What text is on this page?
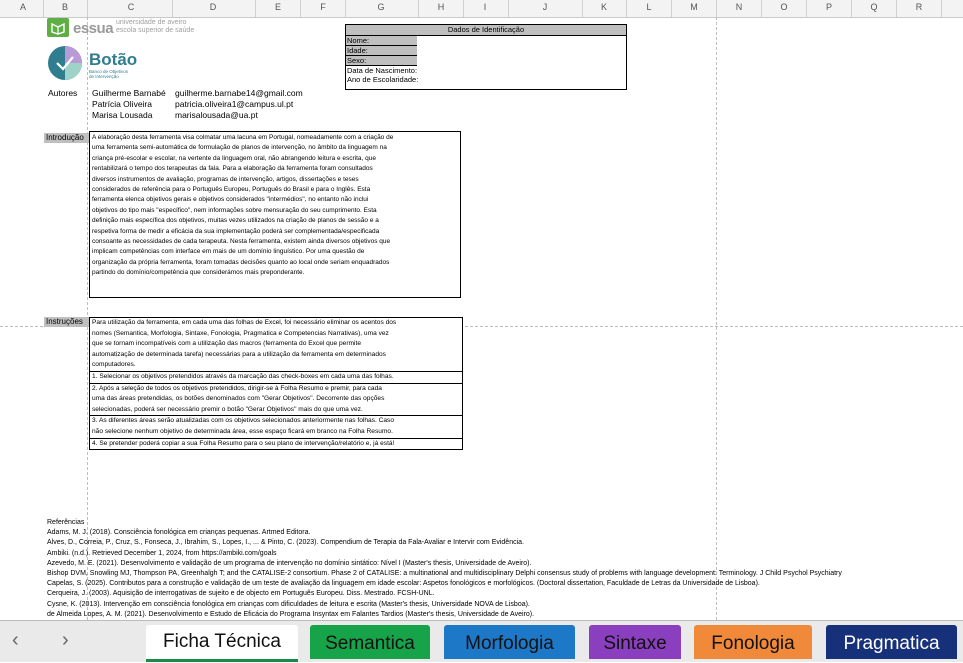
A	B	C	D	E	F	G	H	I	J	K	L	M	N	O	P	Q	R
essua universidade de aveiro
escola superior de saúde
Botão
Banco de Objetivos de Intervenção
Autores Guilherme Barnabé guilherme.barnabe14@gmail.com
Patrícia Oliveira	patricia.oliveira1@campus.ul.pt
Marisa Lousada	marisalousada@ua.pt
Dados de Identificação
Nome:
Idade:
Sexo:
Data de Nascimento:
Ano de Escolaridade:
Introdução	A elaboração desta ferramenta visa colmatar uma lacuna em Portugal, nomeadamente com a criação de
uma ferramenta semi-automática de formulação de planos de intervenção, no âmbito da linguagem na
criança pré-escolar e escolar, na vertente da linguagem oral, não abrangendo leitura e escrita, que
rentabilizará o tempo dos terapeutas da fala. Para a elaboração da ferramenta foram consultados
diversos instrumentos de avaliação, programas de intervenção, artigos, dissertações e teses
considerados de referência para o Português Europeu, Português do Brasil e para o Inglês. Esta
ferramenta elenca objetivos gerais e objetivos considerados "intermédios", no entanto não inclui
objetivos do tipo mais "específico", nem informações sobre mensuração do seu cumprimento. Esta
definição mais específica dos objetivos, muitas vezes utilizados na criação de planos de sessão e a
respetiva forma de medir a eficácia da sua implementação poderá ser complementada/especificada
consoante as necessidades de cada terapeuta. Nesta ferramenta, existem ainda diversos objetivos que
implicam competências com interface em mais de um domínio linguístico. Por uma questão de
organização da própria ferramenta, foram tomadas decisões quanto ao local onde seriam enquadrados
partindo do domínio/competência que considerámos mais preponderante.
Instruções	Para utilização da ferramenta, em cada uma das folhas de Excel, foi necessário eliminar os acentos dos
nomes (Semantica, Morfologia, Sintaxe, Fonologia, Pragmatica e Competencias Narrativas), uma vez
que se tornam incompatíveis com a utilização das macros (ferramenta do Excel que permite
automatização de determinada tarefa) necessárias para a utilização da ferramenta em determinados
computadores.
1. Selecionar os objetivos pretendidos através da marcação das check-boxes em cada uma das folhas.
2. Após a seleção de todos os objetivos pretendidos, dirigir-se à Folha Resumo e premir, para cada
uma das áreas pretendidas, os botões denominados com "Gerar Objetivos". Decorrente das opções
selecionadas, poderá ser necessário premir o botão "Gerar Objetivos" mais do que uma vez.
3. As diferentes áreas serão atualizadas com os objetivos selecionados anteriormente nas folhas. Caso
não selecione nenhum objetivo de determinada área, esse espaço ficará em branco na Folha Resumo.
4. Se pretender poderá copiar a sua Folha Resumo para o seu plano de intervenção/relatório e, já está!
Referências
Adams, M. J. (2018). Consciência fonológica em crianças pequenas. Artmed Editora.
Alves, D., Correia, P., Cruz, S., Fonseca, J., Ibrahim, S., Lopes, I., ... & Pinto, C. (2023). Compendium de Terapia da Fala-Avaliar e Intervir com Evidência.
Ambiki. (n.d.). Retrieved December 1, 2024, from https://ambiki.com/goals
Azevedo, M. E. (2021). Desenvolvimento e validação de um programa de intervenção no domínio sintático: Nível I (Master's thesis, Universidade de Aveiro).
Bishop DVM, Snowling MJ, Thompson PA, Greenhalgh T; and the CATALISE-2 consortium. Phase 2 of CATALISE: a multinational and multidisciplinary Delphi consensus study of problems with language development: Terminology. J Child Psychol Psychiatry
Capelas, S. (2025). Contributos para a construção e validação de um teste de avaliação da linguagem em idade escolar: Aspetos fonológicos e morfológicos. (Doctoral dissertation, Faculdade de Letras da Universidade de Lisboa).
Cerqueira, J. (2003). Aquisição de interrogativas de sujeito e de objecto em Português Europeu. Diss. Mestrado. FCSH-UNL.
Cysne, K. (2013). Intervenção em consciência fonológica em crianças com dificuldades de leitura e escrita (Master's thesis, Universidade NOVA de Lisboa).
de Almeida Lopes, A. M. (2021). Desenvolvimento e Estudo de Eficácia do Programa Insyntax em Falantes Tardios (Master's thesis, Universidade de Aveiro).
‹ ›	Ficha Técnica	Semantica	Morfologia	Sintaxe	Fonologia	Pragmatica
